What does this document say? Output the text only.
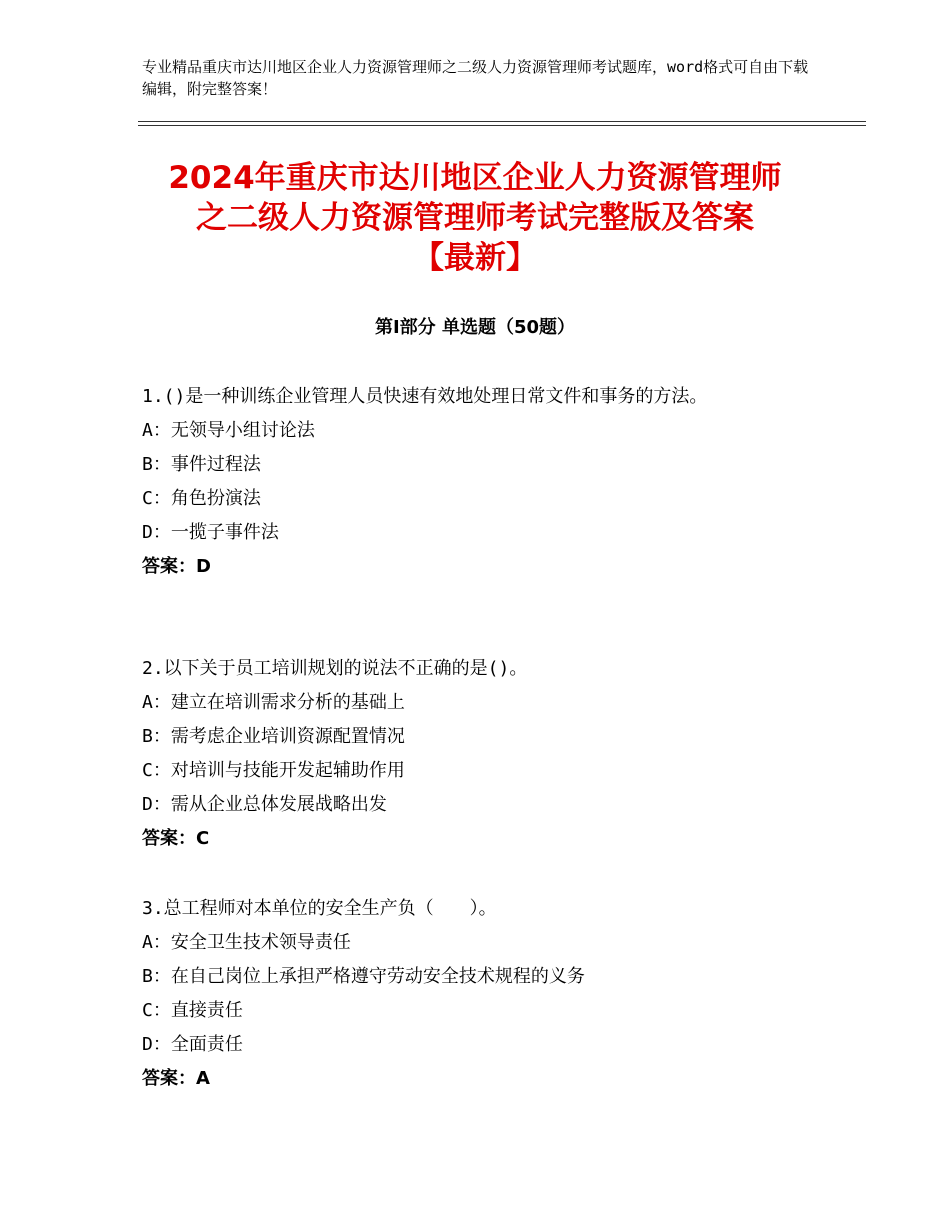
专业精品重庆市达川地区企业人力资源管理师之二级人力资源管理师考试题库，word格式可自由下载编辑，附完整答案！
2024年重庆市达川地区企业人力资源管理师
之二级人力资源管理师考试完整版及答案
【最新】
第Ⅰ部分 单选题（50题）
1.()是一种训练企业管理人员快速有效地处理日常文件和事务的方法。
A：无领导小组讨论法
B：事件过程法
C：角色扮演法
D：一揽子事件法
答案：D
2.以下关于员工培训规划的说法不正确的是()。
A：建立在培训需求分析的基础上
B：需考虑企业培训资源配置情况
C：对培训与技能开发起辅助作用
D：需从企业总体发展战略出发
答案：C
3.总工程师对本单位的安全生产负（　　）。
A：安全卫生技术领导责任
B：在自己岗位上承担严格遵守劳动安全技术规程的义务
C：直接责任
D：全面责任
答案：A
